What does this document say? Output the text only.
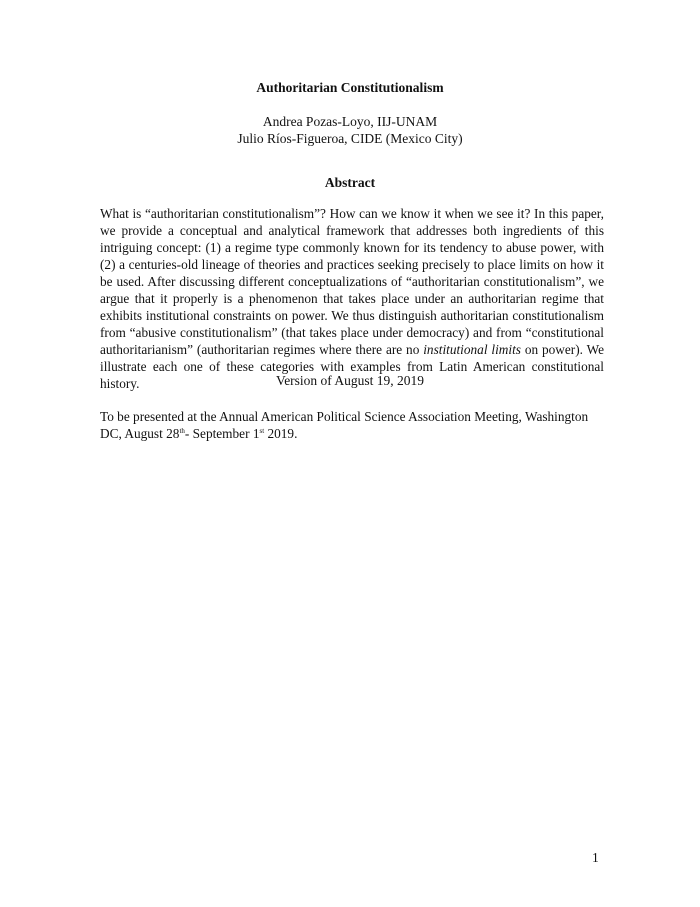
Authoritarian Constitutionalism
Andrea Pozas-Loyo, IIJ-UNAM
Julio Ríos-Figueroa, CIDE (Mexico City)
Abstract

What is “authoritarian constitutionalism”? How can we know it when we see it? In this paper, we provide a conceptual and analytical framework that addresses both ingredients of this intriguing concept: (1) a regime type commonly known for its tendency to abuse power, with (2) a centuries-old lineage of theories and practices seeking precisely to place limits on how it be used. After discussing different conceptualizations of “authoritarian constitutionalism”, we argue that it properly is a phenomenon that takes place under an authoritarian regime that exhibits institutional constraints on power. We thus distinguish authoritarian constitutionalism from “abusive constitutionalism” (that takes place under democracy) and from “constitutional authoritarianism” (authoritarian regimes where there are no institutional limits on power). We illustrate each one of these categories with examples from Latin American constitutional history.	Version of August 19, 2019

To be presented at the Annual American Political Science Association Meeting, Washington DC, August 28th- September 1st 2019.

1
